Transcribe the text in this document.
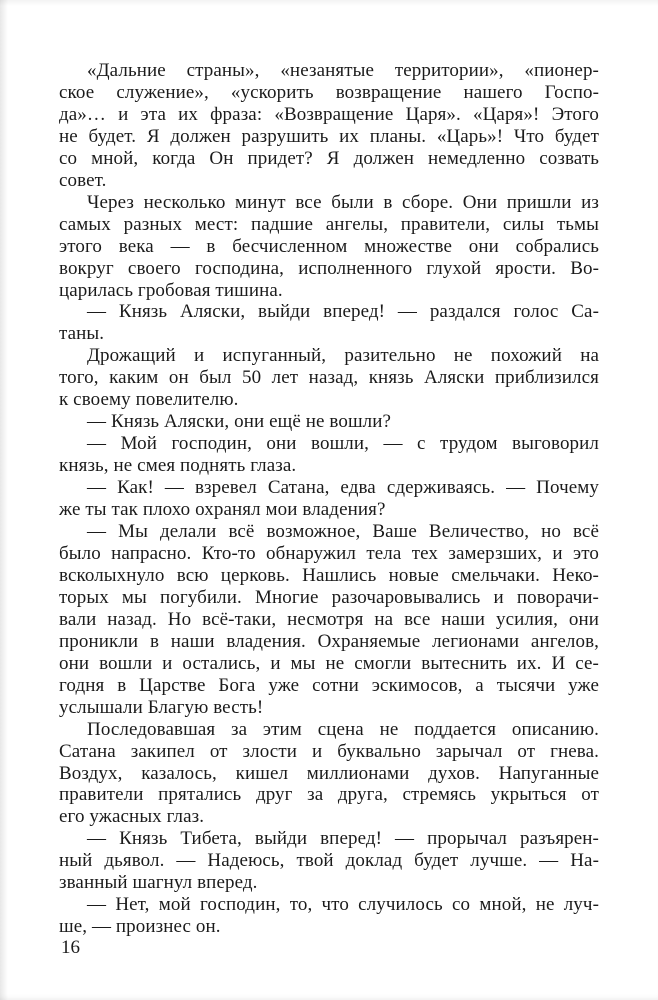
«Дальние страны», «незанятые территории», «пионер-
ское служение», «ускорить возвращение нашего Госпо-
да»… и эта их фраза: «Возвращение Царя». «Царя»! Этого
не будет. Я должен разрушить их планы. «Царь»! Что будет
со мной, когда Он придет? Я должен немедленно созвать
совет.
Через несколько минут все были в сборе. Они пришли из
самых разных мест: падшие ангелы, правители, силы тьмы
этого века — в бесчисленном множестве они собрались
вокруг своего господина, исполненного глухой ярости. Во-
царилась гробовая тишина.
— Князь Аляски, выйди вперед! — раздался голос Са-
таны.
Дрожащий и испуганный, разительно не похожий на
того, каким он был 50 лет назад, князь Аляски приблизился
к своему повелителю.
— Князь Аляски, они ещё не вошли?
— Мой господин, они вошли, — с трудом выговорил
князь, не смея поднять глаза.
— Как! — взревел Сатана, едва сдерживаясь. — Почему
же ты так плохо охранял мои владения?
— Мы делали всё возможное, Ваше Величество, но всё
было напрасно. Кто-то обнаружил тела тех замерзших, и это
всколыхнуло всю церковь. Нашлись новые смельчаки. Неко-
торых мы погубили. Многие разочаровывались и поворачи-
вали назад. Но всё-таки, несмотря на все наши усилия, они
проникли в наши владения. Охраняемые легионами ангелов,
они вошли и остались, и мы не смогли вытеснить их. И се-
годня в Царстве Бога уже сотни эскимосов, а тысячи уже
услышали Благую весть!
Последовавшая за этим сцена не поддается описанию.
Сатана закипел от злости и буквально зарычал от гнева.
Воздух, казалось, кишел миллионами духов. Напуганные
правители прятались друг за друга, стремясь укрыться от
его ужасных глаз.
— Князь Тибета, выйди вперед! — прорычал разъярен-
ный дьявол. — Надеюсь, твой доклад будет лучше. — На-
званный шагнул вперед.
— Нет, мой господин, то, что случилось со мной, не луч-
ше, — произнес он.
16
